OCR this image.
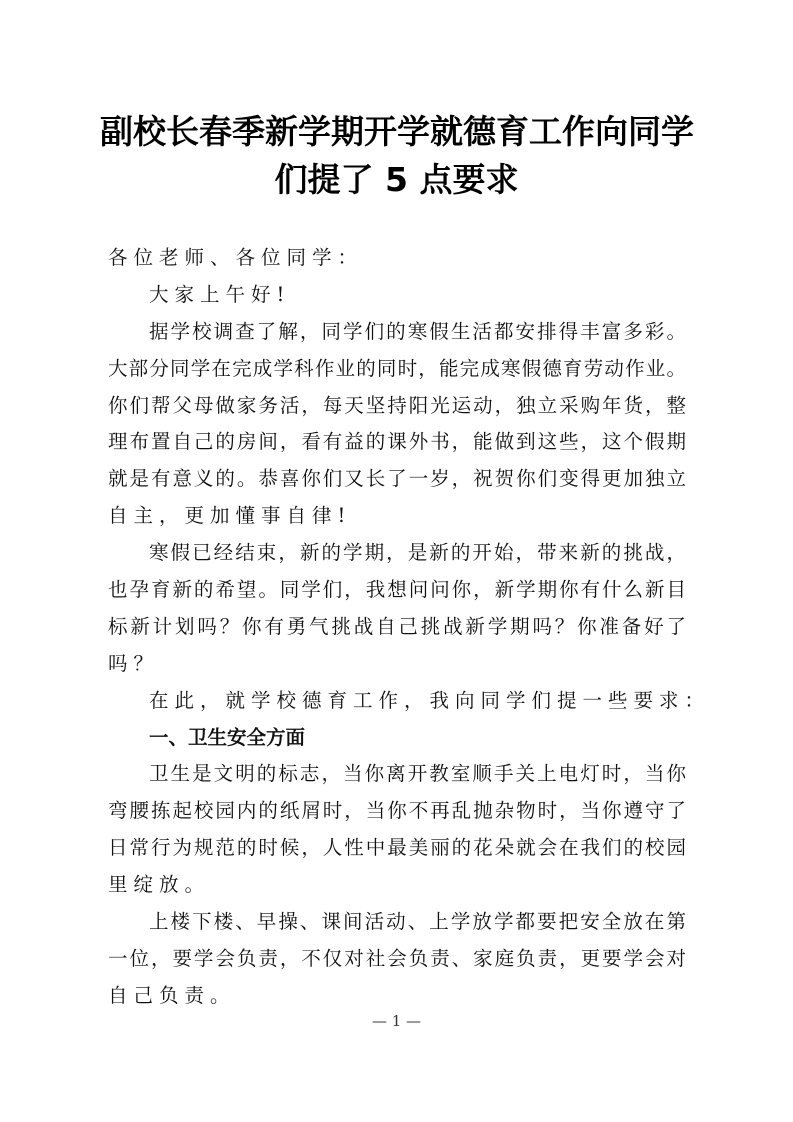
副校长春季新学期开学就德育工作向同学
们提了 5 点要求
各位老师、各位同学：
大家上午好!
据学校调查了解，同学们的寒假生活都安排得丰富多彩。
大部分同学在完成学科作业的同时，能完成寒假德育劳动作业。
你们帮父母做家务活，每天坚持阳光运动，独立采购年货，整
理布置自己的房间，看有益的课外书，能做到这些，这个假期
就是有意义的。恭喜你们又长了一岁，祝贺你们变得更加独立
自主，更加懂事自律!
寒假已经结束，新的学期，是新的开始，带来新的挑战，
也孕育新的希望。同学们，我想问问你，新学期你有什么新目
标新计划吗？你有勇气挑战自己挑战新学期吗？你准备好了
吗？
在此，就学校德育工作，我向同学们提一些要求：
一、卫生安全方面
卫生是文明的标志，当你离开教室顺手关上电灯时，当你
弯腰拣起校园内的纸屑时，当你不再乱抛杂物时，当你遵守了
日常行为规范的时候，人性中最美丽的花朵就会在我们的校园
里绽放。
上楼下楼、早操、课间活动、上学放学都要把安全放在第
一位，要学会负责，不仅对社会负责、家庭负责，更要学会对
自己负责。
— 1 —
